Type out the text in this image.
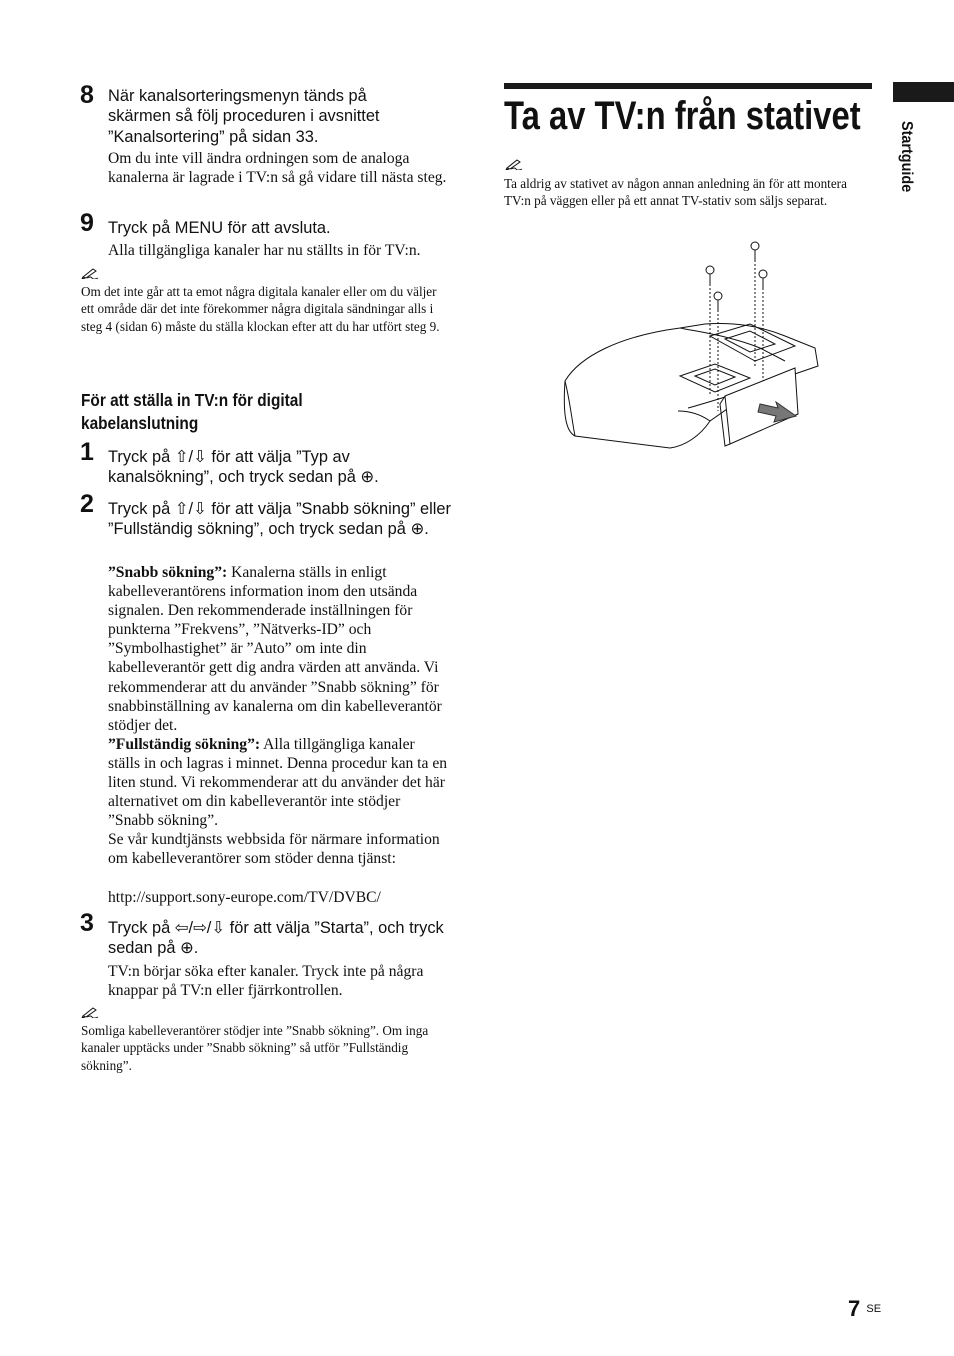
8 När kanalsorteringsmenyn tänds på skärmen så följ proceduren i avsnittet ”Kanalsortering” på sidan 33.
Om du inte vill ändra ordningen som de analoga kanalerna är lagrade i TV:n så gå vidare till nästa steg.
9 Tryck på MENU för att avsluta.
Alla tillgängliga kanaler har nu ställts in för TV:n.
Om det inte går att ta emot några digitala kanaler eller om du väljer ett område där det inte förekommer några digitala sändningar alls i steg 4 (sidan 6) måste du ställa klockan efter att du har utfört steg 9.
För att ställa in TV:n för digital kabelanslutning
1 Tryck på ⇧/⇩ för att välja ”Typ av kanalsökning”, och tryck sedan på ⊕.
2 Tryck på ⇧/⇩ för att välja ”Snabb sökning” eller ”Fullständig sökning”, och tryck sedan på ⊕.
”Snabb sökning”: Kanalerna ställs in enligt kabelleverantörens information inom den utsända signalen. Den rekommenderade inställningen för punkterna ”Frekvens”, ”Nätverks-ID” och ”Symbolhastighet” är ”Auto” om inte din kabelleverantör gett dig andra värden att använda. Vi rekommenderar att du använder ”Snabb sökning” för snabbinställning av kanalerna om din kabelleverantör stödjer det.
”Fullständig sökning”: Alla tillgängliga kanaler ställs in och lagras i minnet. Denna procedur kan ta en liten stund. Vi rekommenderar att du använder det här alternativet om din kabelleverantör inte stödjer ”Snabb sökning”.
Se vår kundtjänsts webbsida för närmare information om kabelleverantörer som stöder denna tjänst:
http://support.sony-europe.com/TV/DVBC/
3 Tryck på ⇦/⇨/⇩ för att välja ”Starta”, och tryck sedan på ⊕.
TV:n börjar söka efter kanaler. Tryck inte på några knappar på TV:n eller fjärrkontrollen.
Somliga kabelleverantörer stödjer inte ”Snabb sökning”. Om inga kanaler upptäcks under ”Snabb sökning” så utför ”Fullständig sökning”.
Ta av TV:n från stativet
Ta aldrig av stativet av någon annan anledning än för att montera TV:n på väggen eller på ett annat TV-stativ som säljs separat.
Startguide
7 SE
